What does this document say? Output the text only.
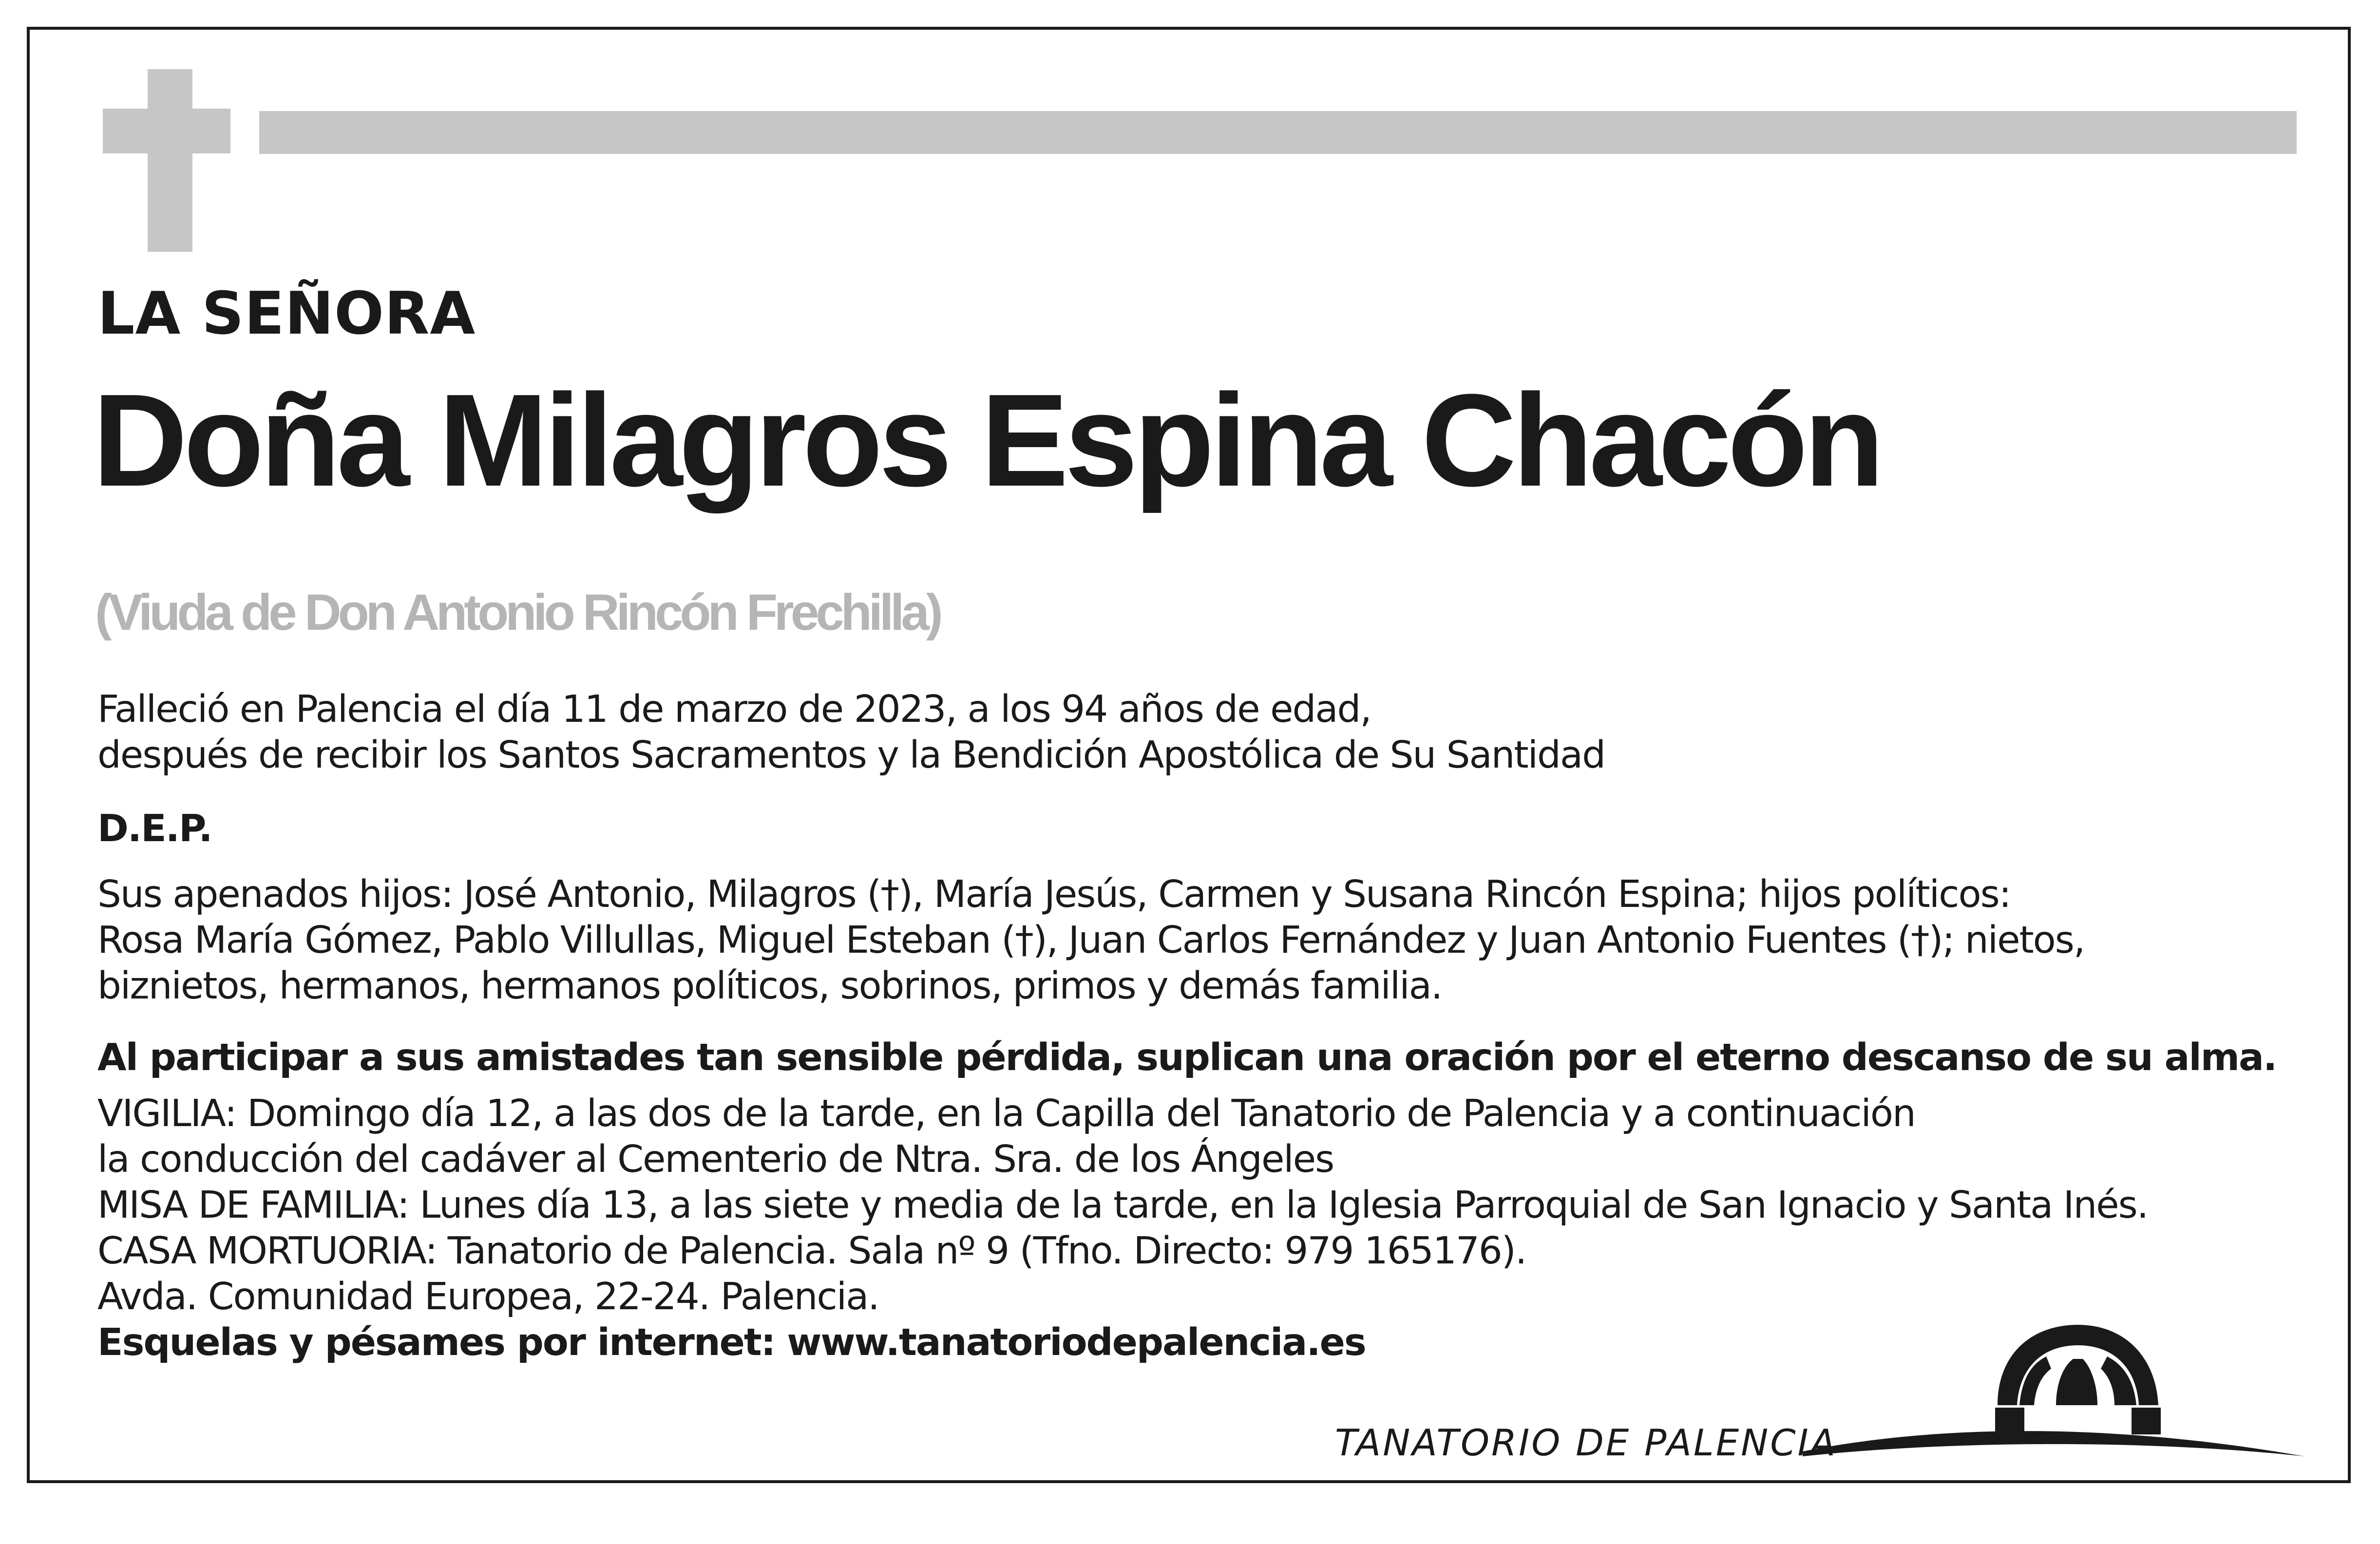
LA SEÑORA
Doña Milagros Espina Chacón
(Viuda de Don Antonio Rincón Frechilla)
Falleció en Palencia el día 11 de marzo de 2023, a los 94 años de edad,
después de recibir los Santos Sacramentos y la Bendición Apostólica de Su Santidad
D.E.P.
Sus apenados hijos: José Antonio, Milagros (†), María Jesús, Carmen y Susana Rincón Espina; hijos políticos:
Rosa María Gómez, Pablo Villullas, Miguel Esteban (†), Juan Carlos Fernández y Juan Antonio Fuentes (†); nietos,
biznietos, hermanos, hermanos políticos, sobrinos, primos y demás familia.
Al participar a sus amistades tan sensible pérdida, suplican una oración por el eterno descanso de su alma.
VIGILIA: Domingo día 12, a las dos de la tarde, en la Capilla del Tanatorio de Palencia y a continuación
la conducción del cadáver al Cementerio de Ntra. Sra. de los Ángeles
MISA DE FAMILIA: Lunes día 13, a las siete y media de la tarde, en la Iglesia Parroquial de San Ignacio y Santa Inés.
CASA MORTUORIA: Tanatorio de Palencia. Sala nº 9 (Tfno. Directo: 979 165176).
Avda. Comunidad Europea, 22-24. Palencia.
Esquelas y pésames por internet: www.tanatoriodepalencia.es
TANATORIO DE PALENCIA
